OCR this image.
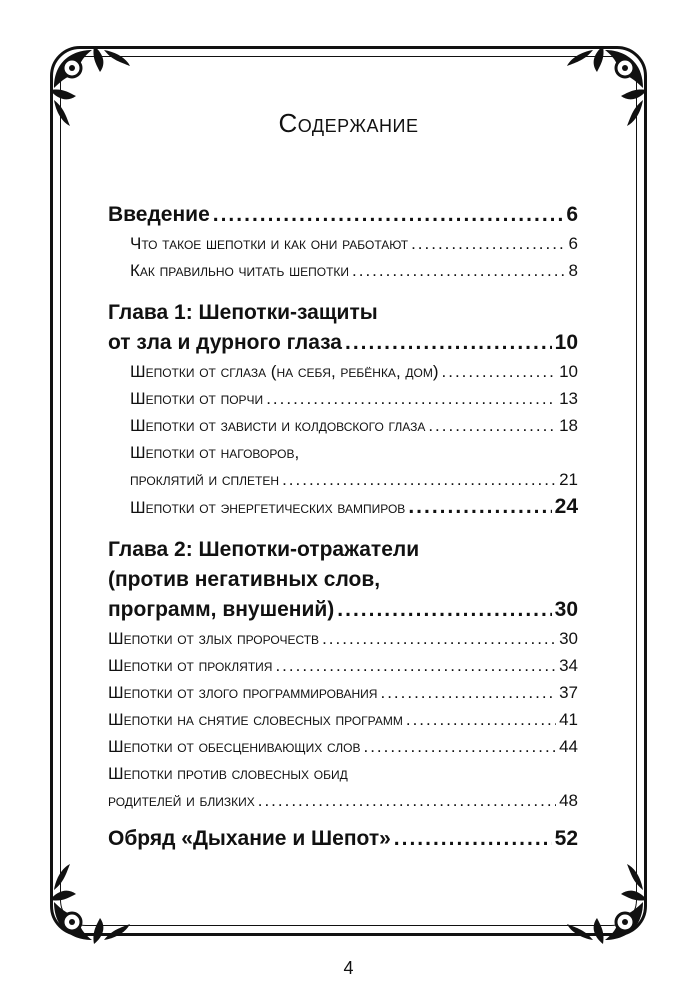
Содержание
Введение .....	6
Что такое шепотки и как они работают .....	6
Как правильно читать шепотки .....	8
Глава 1: Шепотки-защиты
от зла и дурного глаза .....	10
Шепотки от сглаза (на себя, ребёнка, дом) .....	10
Шепотки от порчи .....	13
Шепотки от зависти и колдовского глаза .....	18
Шепотки от наговоров,
проклятий и сплетен .....	21
Шепотки от энергетических вампиров .....	24
Глава 2: Шепотки-отражатели
(против негативных слов,
программ, внушений) .....	30
Шепотки от злых пророчеств .....	30
Шепотки от проклятия .....	34
Шепотки от злого программирования .....	37
Шепотки на снятие словесных программ .....	41
Шепотки от обесценивающих слов .....	44
Шепотки против словесных обид
родителей и близких .....	48
Обряд «Дыхание и Шепот» .....	52
4
